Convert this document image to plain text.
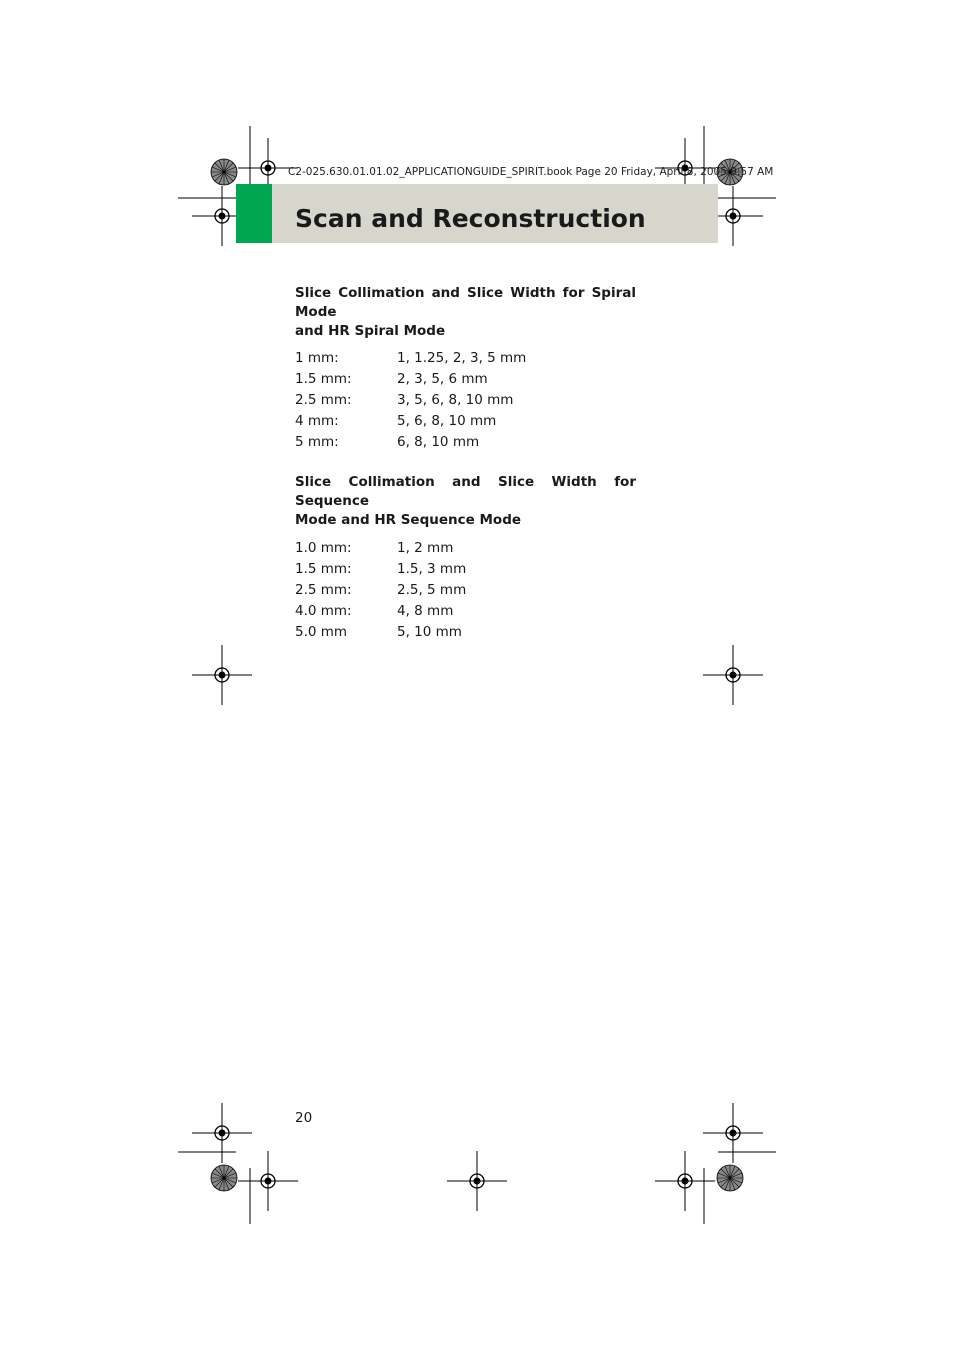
C2-025.630.01.01.02_APPLICATIONGUIDE_SPIRIT.book Page 20 Friday, April 8, 2005 9:57 AM
Scan and Reconstruction
Slice Collimation and Slice Width for Spiral Mode
and HR Spiral Mode
1 mm:	1, 1.25, 2, 3, 5 mm
1.5 mm:	2, 3, 5, 6 mm
2.5 mm:	3, 5, 6, 8, 10 mm
4 mm:	5, 6, 8, 10 mm
5 mm:	6, 8, 10 mm
Slice Collimation and Slice Width for Sequence
Mode and HR Sequence Mode
1.0 mm:	1, 2 mm
1.5 mm:	1.5, 3 mm
2.5 mm:	2.5, 5 mm
4.0 mm:	4, 8 mm
5.0 mm	5, 10 mm
20
